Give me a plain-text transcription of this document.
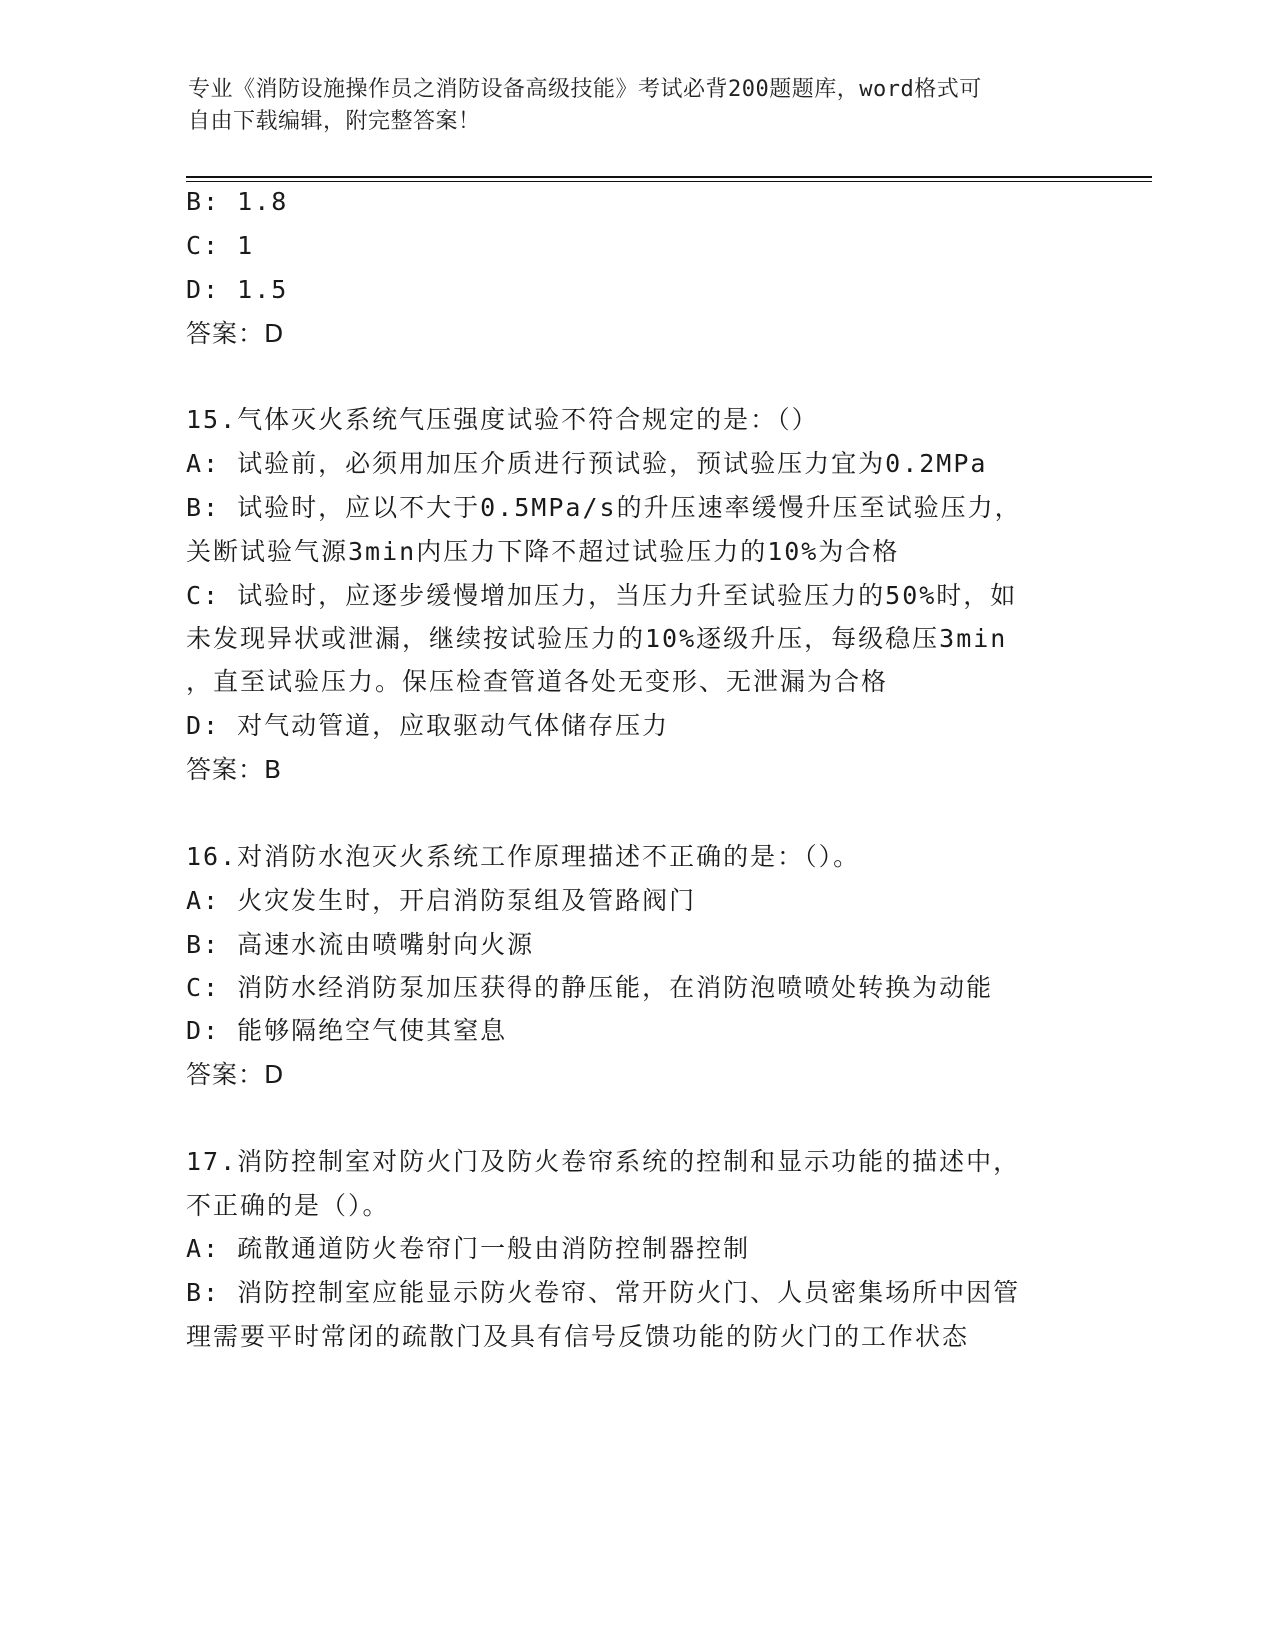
专业《消防设施操作员之消防设备高级技能》考试必背200题题库，word格式可
自由下载编辑，附完整答案！
B: 1.8
C: 1
D: 1.5
答案：D
15.气体灭火系统气压强度试验不符合规定的是：（）
A: 试验前，必须用加压介质进行预试验，预试验压力宜为0.2MPa
B: 试验时，应以不大于0.5MPa/s的升压速率缓慢升压至试验压力，
关断试验气源3min内压力下降不超过试验压力的10%为合格
C: 试验时，应逐步缓慢增加压力，当压力升至试验压力的50%时，如
未发现异状或泄漏，继续按试验压力的10%逐级升压，每级稳压3min
，直至试验压力。保压检查管道各处无变形、无泄漏为合格
D: 对气动管道，应取驱动气体储存压力
答案：B
16.对消防水泡灭火系统工作原理描述不正确的是：（）。
A: 火灾发生时，开启消防泵组及管路阀门
B: 高速水流由喷嘴射向火源
C: 消防水经消防泵加压获得的静压能，在消防泡喷喷处转换为动能
D: 能够隔绝空气使其窒息
答案：D
17.消防控制室对防火门及防火卷帘系统的控制和显示功能的描述中，
不正确的是（）。
A: 疏散通道防火卷帘门一般由消防控制器控制
B: 消防控制室应能显示防火卷帘、常开防火门、人员密集场所中因管
理需要平时常闭的疏散门及具有信号反馈功能的防火门的工作状态
